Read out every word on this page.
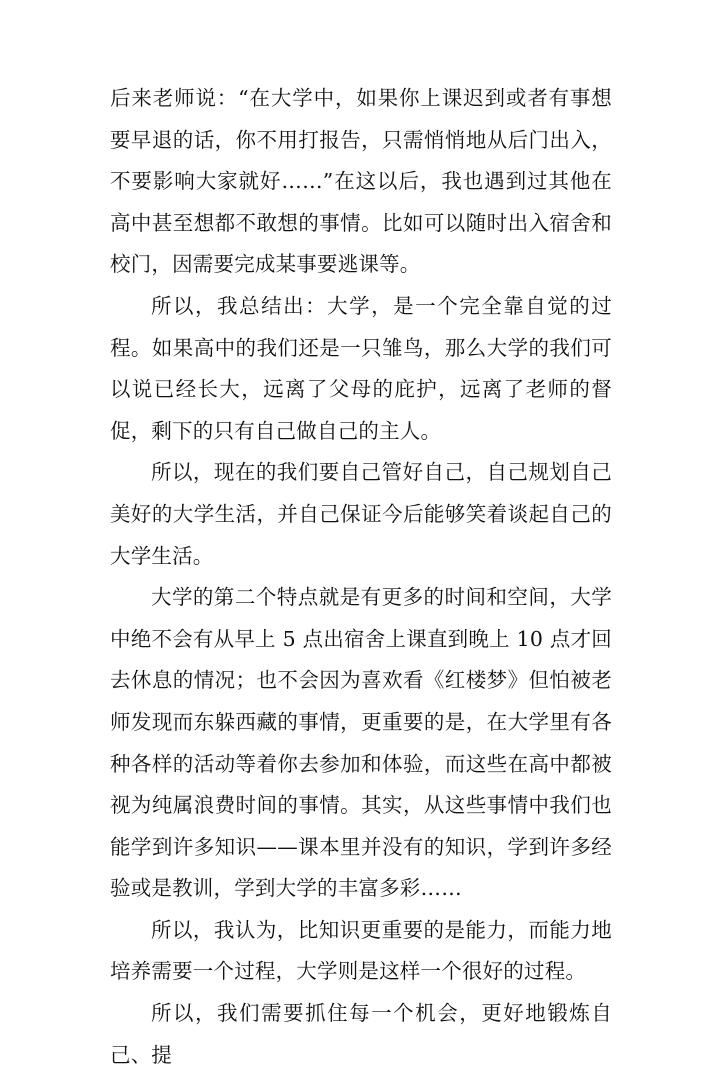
后来老师说：“在大学中，如果你上课迟到或者有事想要早退的话，你不用打报告，只需悄悄地从后门出入，不要影响大家就好……”在这以后，我也遇到过其他在高中甚至想都不敢想的事情。比如可以随时出入宿舍和校门，因需要完成某事要逃课等。

所以，我总结出：大学，是一个完全靠自觉的过程。如果高中的我们还是一只雏鸟，那么大学的我们可以说已经长大，远离了父母的庇护，远离了老师的督促，剩下的只有自己做自己的主人。

所以，现在的我们要自己管好自己，自己规划自己美好的大学生活，并自己保证今后能够笑着谈起自己的大学生活。

大学的第二个特点就是有更多的时间和空间，大学中绝不会有从早上 5 点出宿舍上课直到晚上 10 点才回去休息的情况；也不会因为喜欢看《红楼梦》但怕被老师发现而东躲西藏的事情，更重要的是，在大学里有各种各样的活动等着你去参加和体验，而这些在高中都被视为纯属浪费时间的事情。其实，从这些事情中我们也能学到许多知识——课本里并没有的知识，学到许多经验或是教训，学到大学的丰富多彩……

所以，我认为，比知识更重要的是能力，而能力地培养需要一个过程，大学则是这样一个很好的过程。

所以，我们需要抓住每一个机会，更好地锻炼自己、提
